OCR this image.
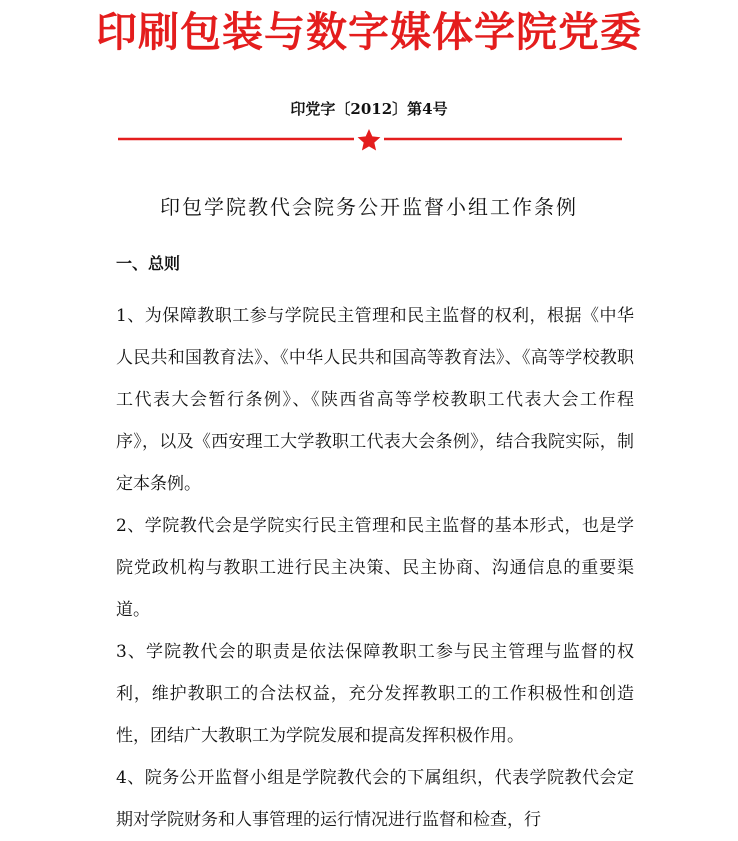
印刷包装与数字媒体学院党委
印党字〔2012〕第4号
印包学院教代会院务公开监督小组工作条例
一、总则

1、为保障教职工参与学院民主管理和民主监督的权利，根据《中华人民共和国教育法》、《中华人民共和国高等教育法》、《高等学校教职工代表大会暂行条例》、《陕西省高等学校教职工代表大会工作程序》，以及《西安理工大学教职工代表大会条例》，结合我院实际，制定本条例。

2、学院教代会是学院实行民主管理和民主监督的基本形式，也是学院党政机构与教职工进行民主决策、民主协商、沟通信息的重要渠道。

3、学院教代会的职责是依法保障教职工参与民主管理与监督的权利，维护教职工的合法权益，充分发挥教职工的工作积极性和创造性，团结广大教职工为学院发展和提高发挥积极作用。

4、院务公开监督小组是学院教代会的下属组织，代表学院教代会定期对学院财务和人事管理的运行情况进行监督和检查，行
